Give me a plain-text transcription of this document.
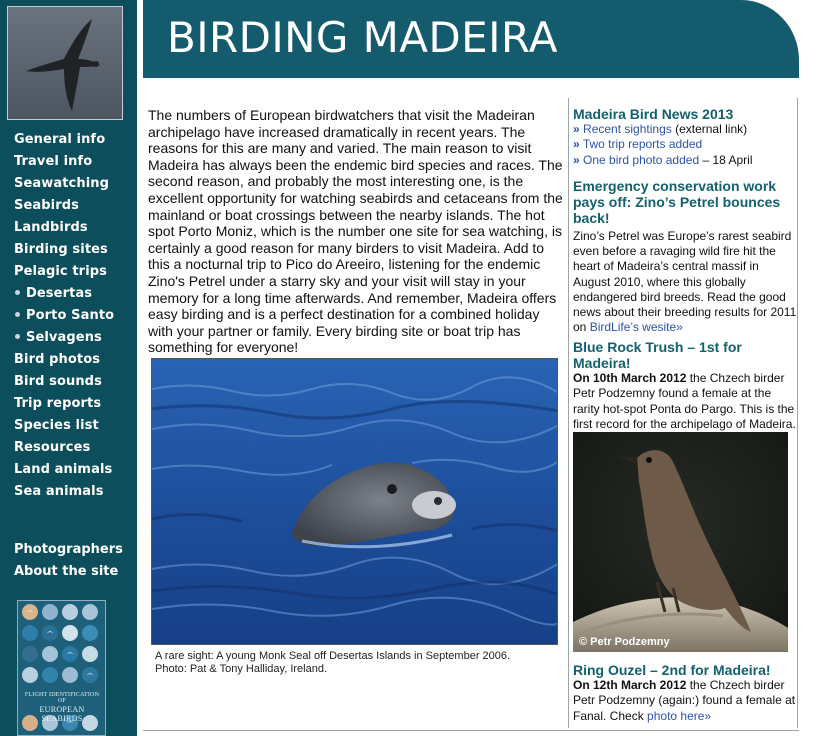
General info
Travel info
Seawatching
Seabirds
Landbirds
Birding sites
Pelagic trips
Desertas
Porto Santo
Selvagens
Bird photos
Bird sounds
Trip reports
Species list
Resources
Land animals
Sea animals
Photographers
About the site
FLIGHT IDENTIFICATION OF
EUROPEAN SEABIRDS
BIRDING MADEIRA
The numbers of European birdwatchers that visit the Madeiran archipelago have increased dramatically in recent years. The reasons for this are many and varied. The main reason to visit Madeira has always been the endemic bird species and races. The second reason, and probably the most interesting one, is the excellent opportunity for watching seabirds and cetaceans from the mainland or boat crossings between the nearby islands. The hot spot Porto Moniz, which is the number one site for sea watching, is certainly a good reason for many birders to visit Madeira. Add to this a nocturnal trip to Pico do Areeiro, listening for the endemic Zino's Petrel under a starry sky and your visit will stay in your memory for a long time afterwards. And remember, Madeira offers easy birding and is a perfect destination for a combined holiday with your partner or family. Every birding site or boat trip has something for everyone!
A rare sight: A young Monk Seal off Desertas Islands in September 2006.
Photo: Pat & Tony Halliday, Ireland.
Madeira Bird News 2013
» Recent sightings (external link)
» Two trip reports added
» One bird photo added – 18 April
Emergency conservation work pays off: Zino’s Petrel bounces back!
Zino’s Petrel was Europe’s rarest seabird even before a ravaging wild fire hit the heart of Madeira’s central massif in August 2010, where this globally endangered bird breeds. Read the good news about their breeding results for 2011 on BirdLife’s wesite»
Blue Rock Trush – 1st for Madeira!
On 10th March 2012 the Chzech birder Petr Podzemny found a female at the rarity hot-spot Ponta do Pargo. This is the first record for the archipelago of Madeira.
Ring Ouzel – 2nd for Madeira!
On 12th March 2012 the Chzech birder Petr Podzemny (again:) found a female at Fanal. Check photo here»
© Petr Podzemny
